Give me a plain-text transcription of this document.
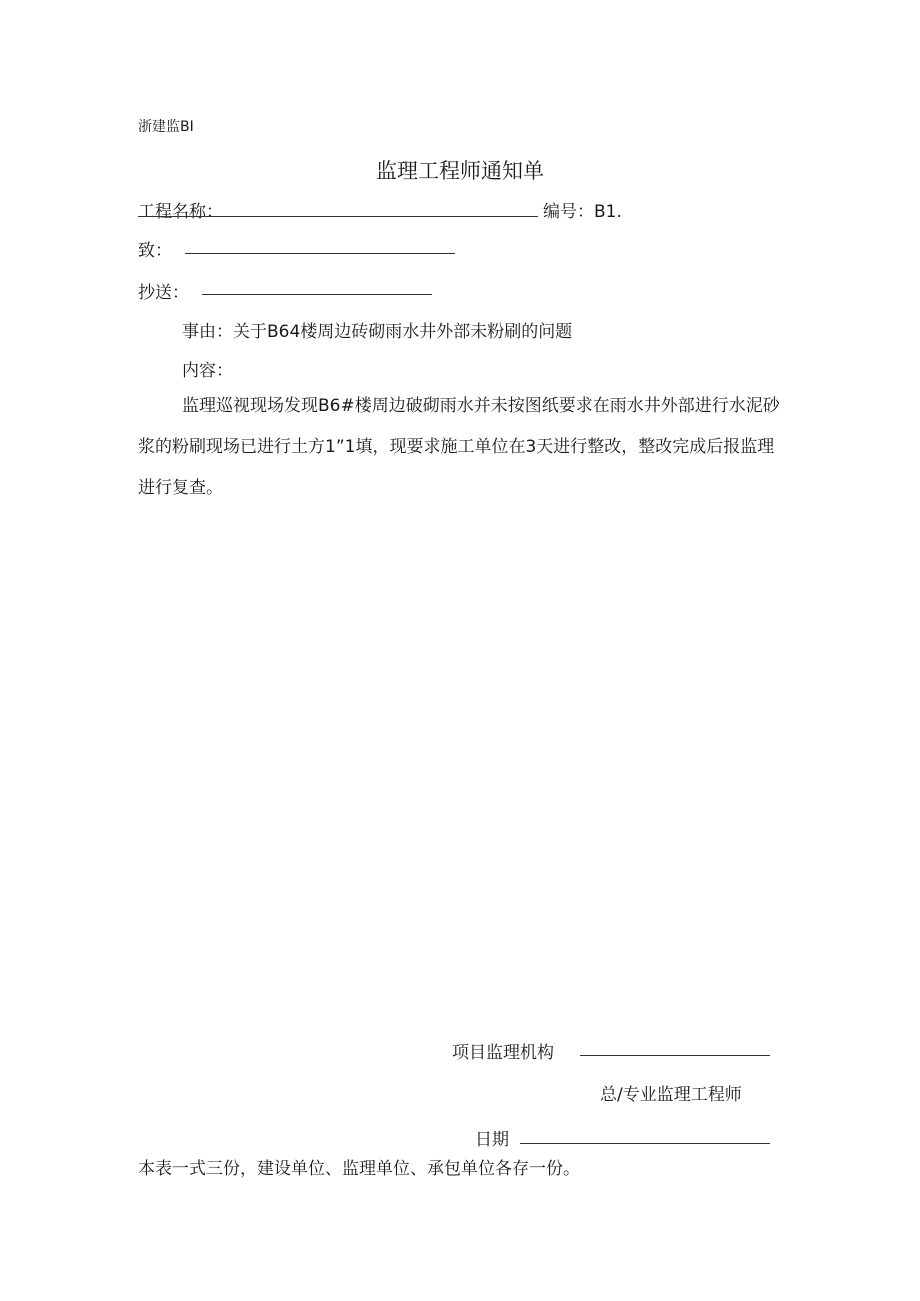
浙建监BI
监理工程师通知单
工程名称：	编号：B1.
致：
抄送：
事由：关于B64楼周边砖砌雨水井外部未粉刷的问题
内容：

监理巡视现场发现B6#楼周边破砌雨水并未按图纸要求在雨水井外部进行水泥砂浆的粉刷现场已进行土方1”1填，现要求施工单位在3天进行整改，整改完成后报监理进行复查。

项目监理机构
总/专业监理工程师
日期
本表一式三份，建设单位、监理单位、承包单位各存一份。
